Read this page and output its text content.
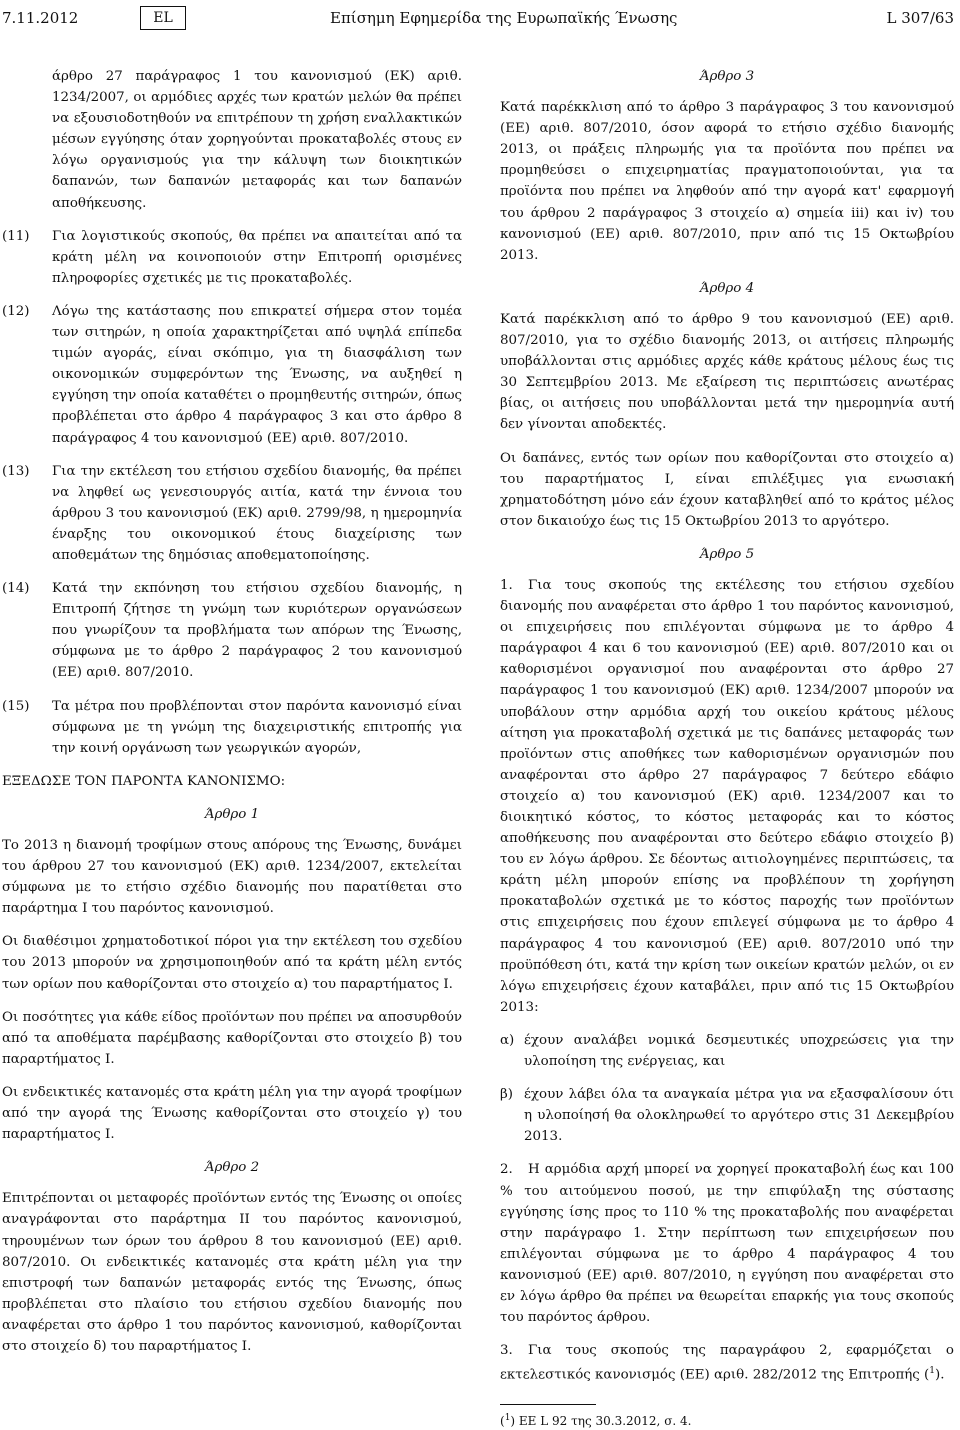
7.11.2012	EL	Επίσημη Εφημερίδα της Ευρωπαϊκής Ένωσης	L 307/63

άρθρο 27 παράγραφος 1 του κανονισμού (ΕΚ) αριθ. 1234/2007, οι αρμόδιες αρχές των κρατών μελών θα πρέπει να εξουσιοδοτηθούν να επιτρέπουν τη χρήση εναλλακτικών μέσων εγγύησης όταν χορηγούνται προκαταβολές στους εν λόγω οργανισμούς για την κάλυψη των διοικητικών δαπανών, των δαπανών μεταφοράς και των δαπανών αποθήκευσης.

(11) Για λογιστικούς σκοπούς, θα πρέπει να απαιτείται από τα κράτη μέλη να κοινοποιούν στην Επιτροπή ορισμένες πληροφορίες σχετικές με τις προκαταβολές.
(12) Λόγω της κατάστασης που επικρατεί σήμερα στον τομέα των σιτηρών, η οποία χαρακτηρίζεται από υψηλά επίπεδα τιμών αγοράς, είναι σκόπιμο, για τη διασφάλιση των οικονομικών συμφερόντων της Ένωσης, να αυξηθεί η εγγύηση την οποία καταθέτει ο προμηθευτής σιτηρών, όπως προβλέπεται στο άρθρο 4 παράγραφος 3 και στο άρθρο 8 παράγραφος 4 του κανονισμού (ΕΕ) αριθ. 807/2010.
(13) Για την εκτέλεση του ετήσιου σχεδίου διανομής, θα πρέπει να ληφθεί ως γενεσιουργός αιτία, κατά την έννοια του άρθρου 3 του κανονισμού (ΕΚ) αριθ. 2799/98, η ημερομηνία έναρξης του οικονομικού έτους διαχείρισης των αποθεμάτων της δημόσιας αποθεματοποίησης.
(14) Κατά την εκπόνηση του ετήσιου σχεδίου διανομής, η Επιτροπή ζήτησε τη γνώμη των κυριότερων οργανώσεων που γνωρίζουν τα προβλήματα των απόρων της Ένωσης, σύμφωνα με το άρθρο 2 παράγραφος 2 του κανονισμού (ΕΕ) αριθ. 807/2010.
(15) Τα μέτρα που προβλέπονται στον παρόντα κανονισμό είναι σύμφωνα με τη γνώμη της διαχειριστικής επιτροπής για την κοινή οργάνωση των γεωργικών αγορών,

ΕΞΕΔΩΣΕ ΤΟΝ ΠΑΡΟΝΤΑ ΚΑΝΟΝΙΣΜΟ:

Άρθρο 1

Το 2013 η διανομή τροφίμων στους απόρους της Ένωσης, δυνάμει του άρθρου 27 του κανονισμού (ΕΚ) αριθ. 1234/2007, εκτελείται σύμφωνα με το ετήσιο σχέδιο διανομής που παρατίθεται στο παράρτημα I του παρόντος κανονισμού.

Οι διαθέσιμοι χρηματοδοτικοί πόροι για την εκτέλεση του σχεδίου του 2013 μπορούν να χρησιμοποιηθούν από τα κράτη μέλη εντός των ορίων που καθορίζονται στο στοιχείο α) του παραρτήματος I.

Οι ποσότητες για κάθε είδος προϊόντων που πρέπει να αποσυρθούν από τα αποθέματα παρέμβασης καθορίζονται στο στοιχείο β) του παραρτήματος I.

Οι ενδεικτικές κατανομές στα κράτη μέλη για την αγορά τροφίμων από την αγορά της Ένωσης καθορίζονται στο στοιχείο γ) του παραρτήματος I.

Άρθρο 2

Επιτρέπονται οι μεταφορές προϊόντων εντός της Ένωσης οι οποίες αναγράφονται στο παράρτημα II του παρόντος κανονισμού, τηρουμένων των όρων του άρθρου 8 του κανονισμού (ΕΕ) αριθ. 807/2010. Οι ενδεικτικές κατανομές στα κράτη μέλη για την επιστροφή των δαπανών μεταφοράς εντός της Ένωσης, όπως προβλέπεται στο πλαίσιο του ετήσιου σχεδίου διανομής που αναφέρεται στο άρθρο 1 του παρόντος κανονισμού, καθορίζονται στο στοιχείο δ) του παραρτήματος I.

Άρθρο 3

Κατά παρέκκλιση από το άρθρο 3 παράγραφος 3 του κανονισμού (ΕΕ) αριθ. 807/2010, όσον αφορά το ετήσιο σχέδιο διανομής 2013, οι πράξεις πληρωμής για τα προϊόντα που πρέπει να προμηθεύσει ο επιχειρηματίας πραγματοποιούνται, για τα προϊόντα που πρέπει να ληφθούν από την αγορά κατ' εφαρμογή του άρθρου 2 παράγραφος 3 στοιχείο α) σημεία iii) και iv) του κανονισμού (ΕΕ) αριθ. 807/2010, πριν από τις 15 Οκτωβρίου 2013.

Άρθρο 4

Κατά παρέκκλιση από το άρθρο 9 του κανονισμού (ΕΕ) αριθ. 807/2010, για το σχέδιο διανομής 2013, οι αιτήσεις πληρωμής υποβάλλονται στις αρμόδιες αρχές κάθε κράτους μέλους έως τις 30 Σεπτεμβρίου 2013. Με εξαίρεση τις περιπτώσεις ανωτέρας βίας, οι αιτήσεις που υποβάλλονται μετά την ημερομηνία αυτή δεν γίνονται αποδεκτές.

Οι δαπάνες, εντός των ορίων που καθορίζονται στο στοιχείο α) του παραρτήματος I, είναι επιλέξιμες για ενωσιακή χρηματοδότηση μόνο εάν έχουν καταβληθεί από το κράτος μέλος στον δικαιούχο έως τις 15 Οκτωβρίου 2013 το αργότερο.

Άρθρο 5

1. Για τους σκοπούς της εκτέλεσης του ετήσιου σχεδίου διανομής που αναφέρεται στο άρθρο 1 του παρόντος κανονισμού, οι επιχειρήσεις που επιλέγονται σύμφωνα με το άρθρο 4 παράγραφοι 4 και 6 του κανονισμού (ΕΕ) αριθ. 807/2010 και οι καθορισμένοι οργανισμοί που αναφέρονται στο άρθρο 27 παράγραφος 1 του κανονισμού (ΕΚ) αριθ. 1234/2007 μπορούν να υποβάλουν στην αρμόδια αρχή του οικείου κράτους μέλους αίτηση για προκαταβολή σχετικά με τις δαπάνες μεταφοράς των προϊόντων στις αποθήκες των καθορισμένων οργανισμών που αναφέρονται στο άρθρο 27 παράγραφος 7 δεύτερο εδάφιο στοιχείο α) του κανονισμού (ΕΚ) αριθ. 1234/2007 και το διοικητικό κόστος, το κόστος μεταφοράς και το κόστος αποθήκευσης που αναφέρονται στο δεύτερο εδάφιο στοιχείο β) του εν λόγω άρθρου. Σε δέοντως αιτιολογημένες περιπτώσεις, τα κράτη μέλη μπορούν επίσης να προβλέπουν τη χορήγηση προκαταβολών σχετικά με το κόστος παροχής των προϊόντων στις επιχειρήσεις που έχουν επιλεγεί σύμφωνα με το άρθρο 4 παράγραφος 4 του κανονισμού (ΕΕ) αριθ. 807/2010 υπό την προϋπόθεση ότι, κατά την κρίση των οικείων κρατών μελών, οι εν λόγω επιχειρήσεις έχουν καταβάλει, πριν από τις 15 Οκτωβρίου 2013:

α) έχουν αναλάβει νομικά δεσμευτικές υποχρεώσεις για την υλοποίηση της ενέργειας, και
β) έχουν λάβει όλα τα αναγκαία μέτρα για να εξασφαλίσουν ότι η υλοποίησή θα ολοκληρωθεί το αργότερο στις 31 Δεκεμβρίου 2013.

2. Η αρμόδια αρχή μπορεί να χορηγεί προκαταβολή έως και 100 % του αιτούμενου ποσού, με την επιφύλαξη της σύστασης εγγύησης ίσης προς το 110 % της προκαταβολής που αναφέρεται στην παράγραφο 1. Στην περίπτωση των επιχειρήσεων που επιλέγονται σύμφωνα με το άρθρο 4 παράγραφος 4 του κανονισμού (ΕΕ) αριθ. 807/2010, η εγγύηση που αναφέρεται στο εν λόγω άρθρο θα πρέπει να θεωρείται επαρκής για τους σκοπούς του παρόντος άρθρου.

3. Για τους σκοπούς της παραγράφου 2, εφαρμόζεται ο εκτελεστικός κανονισμός (ΕΕ) αριθ. 282/2012 της Επιτροπής ($^1$).

($^1$) ΕΕ L 92 της 30.3.2012, σ. 4.
